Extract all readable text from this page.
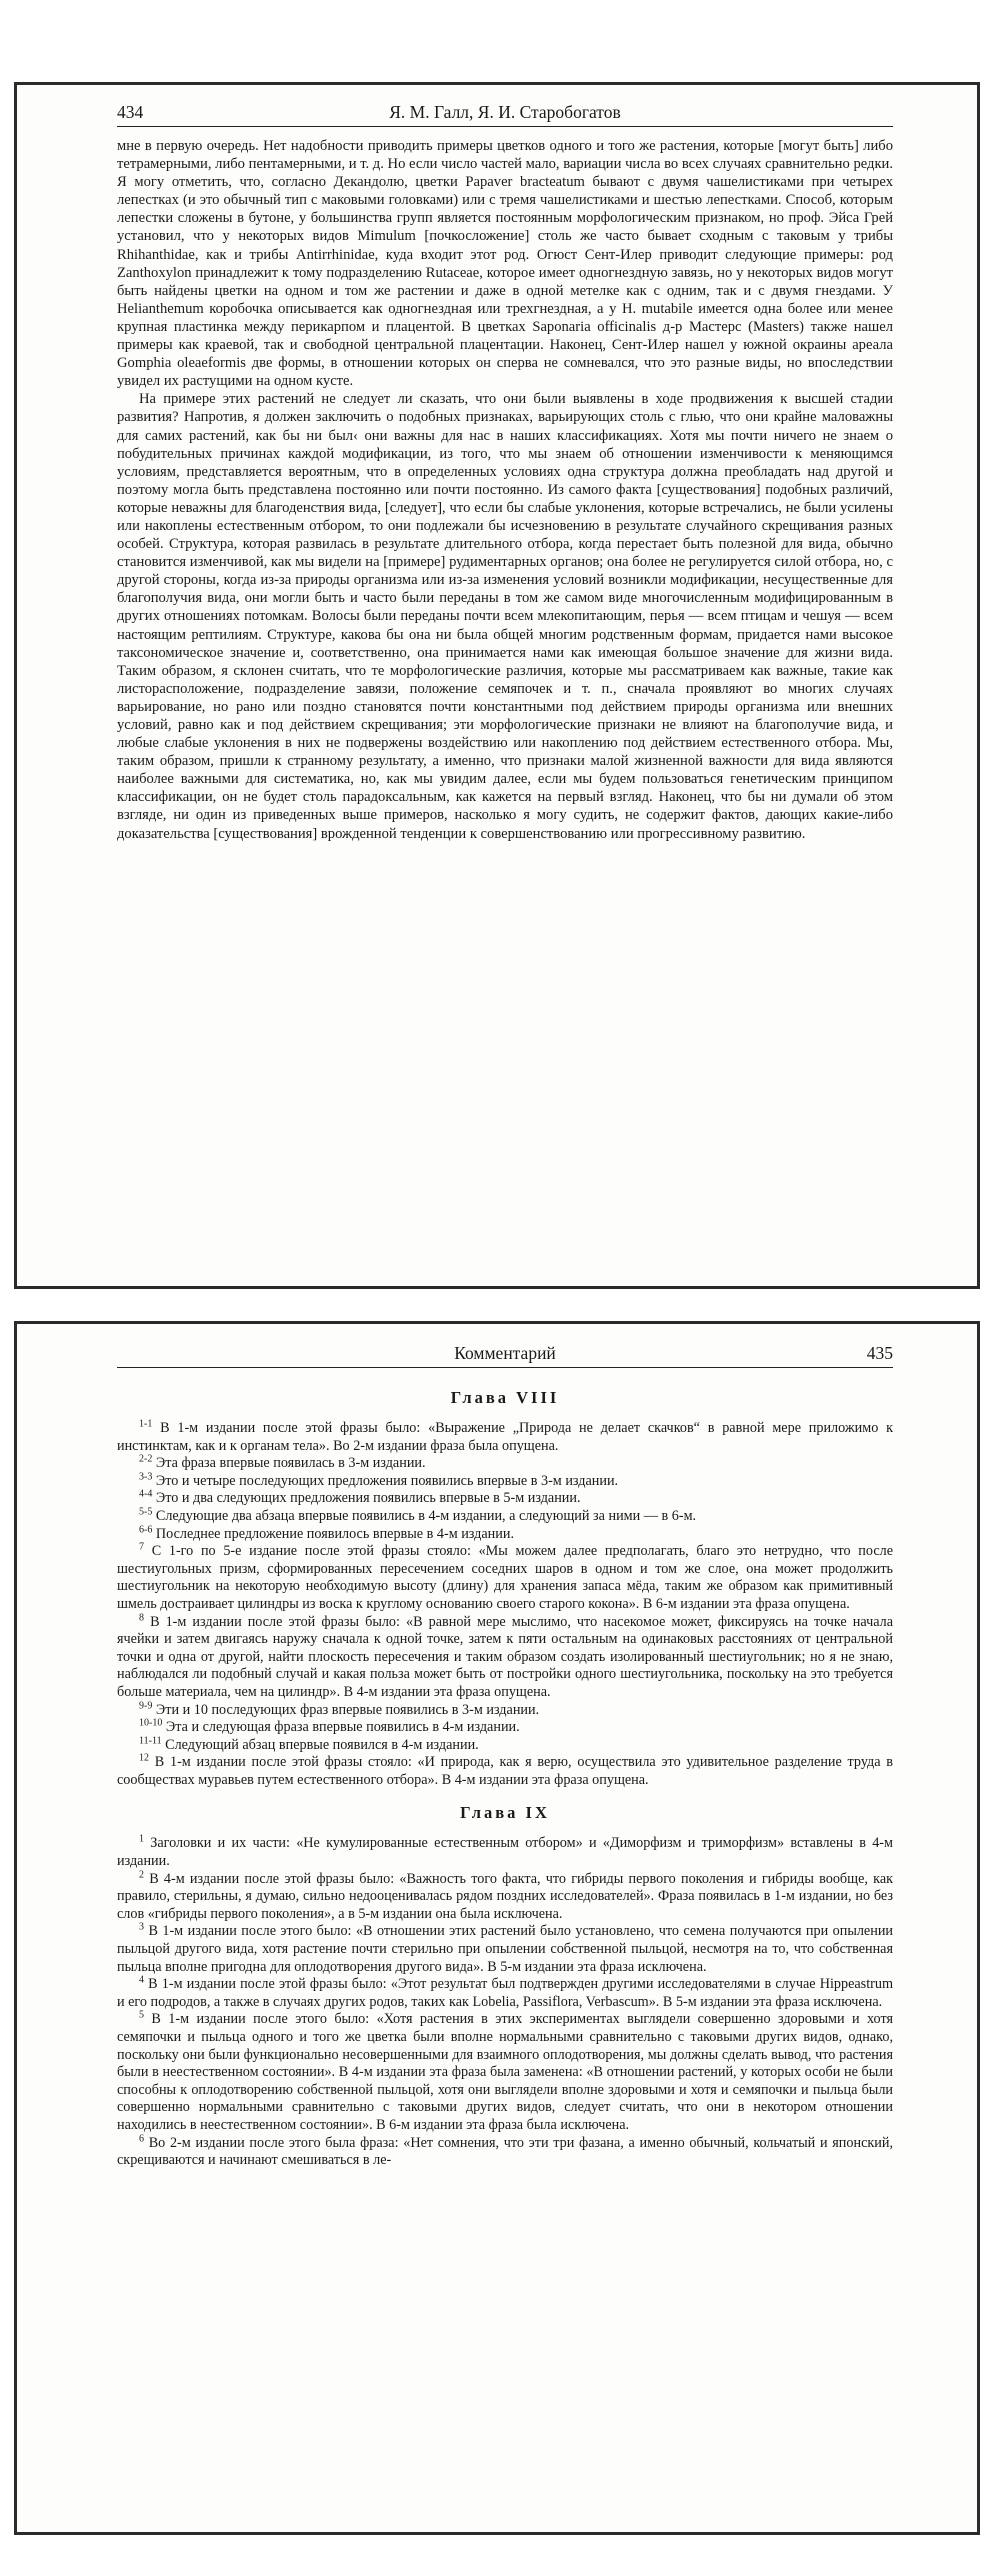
434	Я. М. Галл, Я. И. Старобогатов

мне в первую очередь. Нет надобности приводить примеры цветков одного и того же растения, которые [могут быть] либо тетрамерными, либо пентамерными, и т. д. Но если число частей мало, вариации числа во всех случаях сравнительно редки. Я могу отметить, что, согласно Декандолю, цветки Papaver bracteatum бывают с двумя чашелистиками при четырех лепестках (и это обычный тип с маковыми головками) или с тремя чашелистиками и шестью лепестками. Способ, которым лепестки сложены в бутоне, у большинства групп является постоянным морфологическим признаком, но проф. Эйса Грей установил, что у некоторых видов Mimulum [почкосложение] столь же часто бывает сходным с таковым у трибы Rhihanthidae, как и трибы Antirrhinidae, куда входит этот род. Огюст Сент-Илер приводит следующие примеры: род Zanthoxylon принадлежит к тому подразделению Rutaceae, которое имеет одногнездную завязь, но у некоторых видов могут быть найдены цветки на одном и том же растении и даже в одной метелке как с одним, так и с двумя гнездами. У Helianthemum коробочка описывается как одногнездная или трехгнездная, а у H. mutabile имеется одна более или менее крупная пластинка между перикарпом и плацентой. В цветках Saponaria officinalis д-р Мастерс (Masters) также нашел примеры как краевой, так и свободной центральной плацентации. Наконец, Сент-Илер нашел у южной окраины ареала Gomphia oleaeformis две формы, в отношении которых он сперва не сомневался, что это разные виды, но впоследствии увидел их растущими на одном кусте.

На примере этих растений не следует ли сказать, что они были выявлены в ходе продвижения к высшей стадии развития? Напротив, я должен заключить о подобных признаках, варьирующих столь с глью, что они крайне маловажны для самих растений, как бы ни был‹ они важны для нас в наших классификациях. Хотя мы почти ничего не знаем о побудительных причинах каждой модификации, из того, что мы знаем об отношении изменчивости к меняющимся условиям, представляется вероятным, что в определенных условиях одна структура должна преобладать над другой и поэтому могла быть представлена постоянно или почти постоянно. Из самого факта [существования] подобных различий, которые неважны для благоденствия вида, [следует], что если бы слабые уклонения, которые встречались, не были усилены или накоплены естественным отбором, то они подлежали бы исчезновению в результате случайного скрещивания разных особей. Структура, которая развилась в результате длительного отбора, когда перестает быть полезной для вида, обычно становится изменчивой, как мы видели на [примере] рудиментарных органов; она более не регулируется силой отбора, но, с другой стороны, когда из-за природы организма или из-за изменения условий возникли модификации, несущественные для благополучия вида, они могли быть и часто были переданы в том же самом виде многочисленным модифицированным в других отношениях потомкам. Волосы были переданы почти всем млекопитающим, перья — всем птицам и чешуя — всем настоящим рептилиям. Структуре, какова бы она ни была общей многим родственным формам, придается нами высокое таксономическое значение и, соответственно, она принимается нами как имеющая большое значение для жизни вида. Таким образом, я склонен считать, что те морфологические различия, которые мы рассматриваем как важные, такие как листорасположение, подразделение завязи, положение семяпочек и т. п., сначала проявляют во многих случаях варьирование, но рано или поздно становятся почти константными под действием природы организма или внешних условий, равно как и под действием скрещивания; эти морфологические признаки не влияют на благополучие вида, и любые слабые уклонения в них не подвержены воздействию или накоплению под действием естественного отбора. Мы, таким образом, пришли к странному результату, а именно, что признаки малой жизненной важности для вида являются наиболее важными для систематика, но, как мы увидим далее, если мы будем пользоваться генетическим принципом классификации, он не будет столь парадоксальным, как кажется на первый взгляд. Наконец, что бы ни думали об этом взгляде, ни один из приведенных выше примеров, насколько я могу судить, не содержит фактов, дающих какие-либо доказательства [существования] врожденной тенденции к совершенствованию или прогрессивному развитию.

Комментарий	435
Глава VIII

$^{1-1}$ В 1-м издании после этой фразы было: «Выражение „Природа не делает скачков“ в равной мере приложимо к инстинктам, как и к органам тела». Во 2-м издании фраза была опущена.

$^{2-2}$ Эта фраза впервые появилась в 3-м издании.

$^{3-3}$ Это и четыре последующих предложения появились впервые в 3-м издании.

$^{4-4}$ Это и два следующих предложения появились впервые в 5-м издании.

$^{5-5}$ Следующие два абзаца впервые появились в 4-м издании, а следующий за ними — в 6-м.

$^{6-6}$ Последнее предложение появилось впервые в 4-м издании.

$^7$ С 1-го по 5-е издание после этой фразы стояло: «Мы можем далее предполагать, благо это нетрудно, что после шестиугольных призм, сформированных пересечением соседних шаров в одном и том же слое, она может продолжить шестиугольник на некоторую необходимую высоту (длину) для хранения запаса мёда, таким же образом как примитивный шмель достраивает цилиндры из воска к круглому основанию своего старого кокона». В 6-м издании эта фраза опущена.

$^8$ В 1-м издании после этой фразы было: «В равной мере мыслимо, что насекомое может, фиксируясь на точке начала ячейки и затем двигаясь наружу сначала к одной точке, затем к пяти остальным на одинаковых расстояниях от центральной точки и одна от другой, найти плоскость пересечения и таким образом создать изолированный шестиугольник; но я не знаю, наблюдался ли подобный случай и какая польза может быть от постройки одного шестиугольника, поскольку на это требуется больше материала, чем на цилиндр». В 4-м издании эта фраза опущена.

$^{9-9}$ Эти и 10 последующих фраз впервые появились в 3-м издании.

$^{10-10}$ Эта и следующая фраза впервые появились в 4-м издании.

$^{11-11}$ Следующий абзац впервые появился в 4-м издании.

$^{12}$ В 1-м издании после этой фразы стояло: «И природа, как я верю, осуществила это удивительное разделение труда в сообществах муравьев путем естественного отбора». В 4-м издании эта фраза опущена.

Глава IX

$^1$ Заголовки и их части: «Не кумулированные естественным отбором» и «Диморфизм и триморфизм» вставлены в 4-м издании.

$^2$ В 4-м издании после этой фразы было: «Важность того факта, что гибриды первого поколения и гибриды вообще, как правило, стерильны, я думаю, сильно недооценивалась рядом поздних исследователей». Фраза появилась в 1-м издании, но без слов «гибриды первого поколения», а в 5-м издании она была исключена.

$^3$ В 1-м издании после этого было: «В отношении этих растений было установлено, что семена получаются при опылении пыльцой другого вида, хотя растение почти стерильно при опылении собственной пыльцой, несмотря на то, что собственная пыльца вполне пригодна для оплодотворения другого вида». В 5-м издании эта фраза исключена.

$^4$ В 1-м издании после этой фразы было: «Этот результат был подтвержден другими исследователями в случае Hippeastrum и его подродов, а также в случаях других родов, таких как Lobelia, Passiflora, Verbascum». В 5-м издании эта фраза исключена.

$^5$ В 1-м издании после этого было: «Хотя растения в этих экспериментах выглядели совершенно здоровыми и хотя семяпочки и пыльца одного и того же цветка были вполне нормальными сравнительно с таковыми других видов, однако, поскольку они были функционально несовершенными для взаимного оплодотворения, мы должны сделать вывод, что растения были в неестественном состоянии». В 4-м издании эта фраза была заменена: «В отношении растений, у которых особи не были способны к оплодотворению собственной пыльцой, хотя они выглядели вполне здоровыми и хотя и семяпочки и пыльца были совершенно нормальными сравнительно с таковыми других видов, следует считать, что они в некотором отношении находились в неестественном состоянии». В 6-м издании эта фраза была исключена.

$^6$ Во 2-м издании после этого была фраза: «Нет сомнения, что эти три фазана, а именно обычный, кольчатый и японский, скрещиваются и начинают смешиваться в ле-
